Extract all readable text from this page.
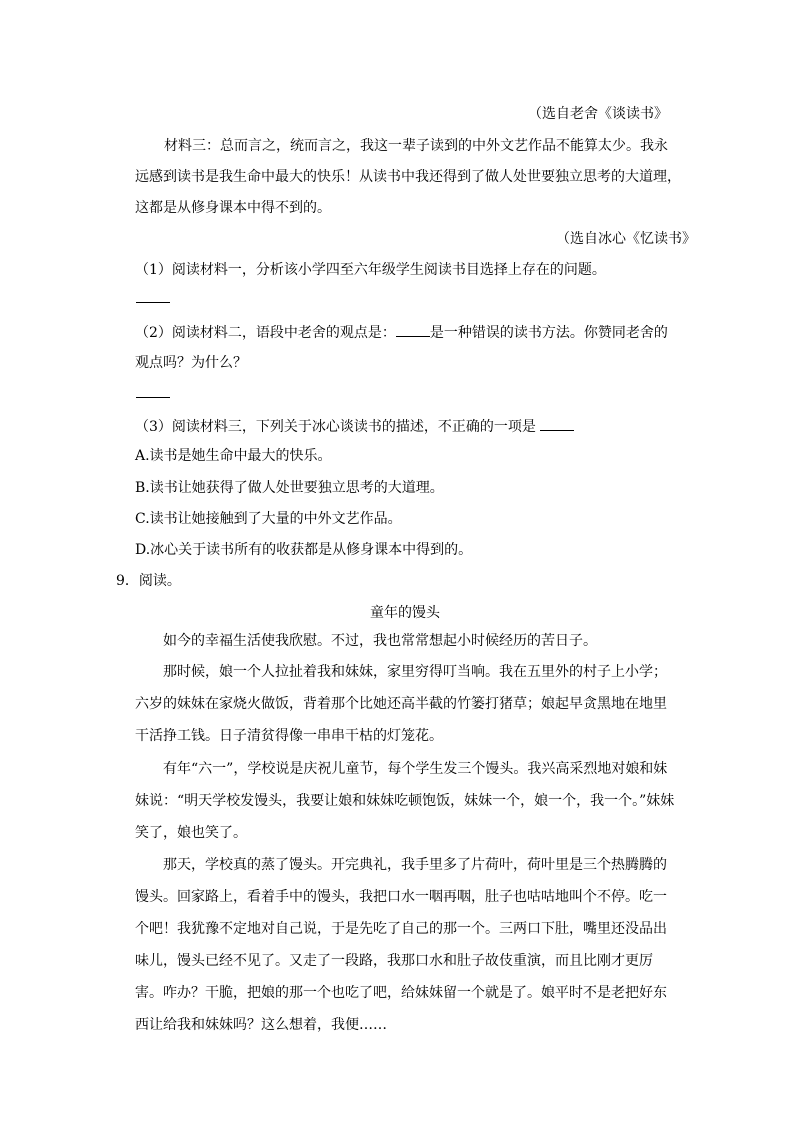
（选自老舍《谈读书》
材料三：总而言之，统而言之，我这一辈子读到的中外文艺作品不能算太少。我永
远感到读书是我生命中最大的快乐！从读书中我还得到了做人处世要独立思考的大道理，
这都是从修身课本中得不到的。
（选自冰心《忆读书》
（1）阅读材料一，分析该小学四至六年级学生阅读书目选择上存在的问题。
（2）阅读材料二，语段中老舍的观点是： 是一种错误的读书方法。你赞同老舍的
观点吗？为什么？
（3）阅读材料三，下列关于冰心谈读书的描述，不正确的一项是
A.读书是她生命中最大的快乐。
B.读书让她获得了做人处世要独立思考的大道理。
C.读书让她接触到了大量的中外文艺作品。
D.冰心关于读书所有的收获都是从修身课本中得到的。
9．阅读。
童年的馒头
如今的幸福生活使我欣慰。不过，我也常常想起小时候经历的苦日子。
那时候，娘一个人拉扯着我和妹妹，家里穷得叮当响。我在五里外的村子上小学；六岁的妹妹在家烧火做饭，背着那个比她还高半截的竹篓打猪草；娘起早贪黑地在地里干活挣工钱。日子清贫得像一串串干枯的灯笼花。
有年“六一”，学校说是庆祝儿童节，每个学生发三个馒头。我兴高采烈地对娘和妹妹说：“明天学校发馒头，我要让娘和妹妹吃顿饱饭，妹妹一个，娘一个，我一个。”妹妹笑了，娘也笑了。
那天，学校真的蒸了馒头。开完典礼，我手里多了片荷叶，荷叶里是三个热腾腾的馒头。回家路上，看着手中的馒头，我把口水一咽再咽，肚子也咕咕地叫个不停。吃一个吧！我犹豫不定地对自己说，于是先吃了自己的那一个。三两口下肚，嘴里还没品出味儿，馒头已经不见了。又走了一段路，我那口水和肚子故伎重演，而且比刚才更厉害。咋办？干脆，把娘的那一个也吃了吧，给妹妹留一个就是了。娘平时不是老把好东西让给我和妹妹吗？这么想着，我便……
